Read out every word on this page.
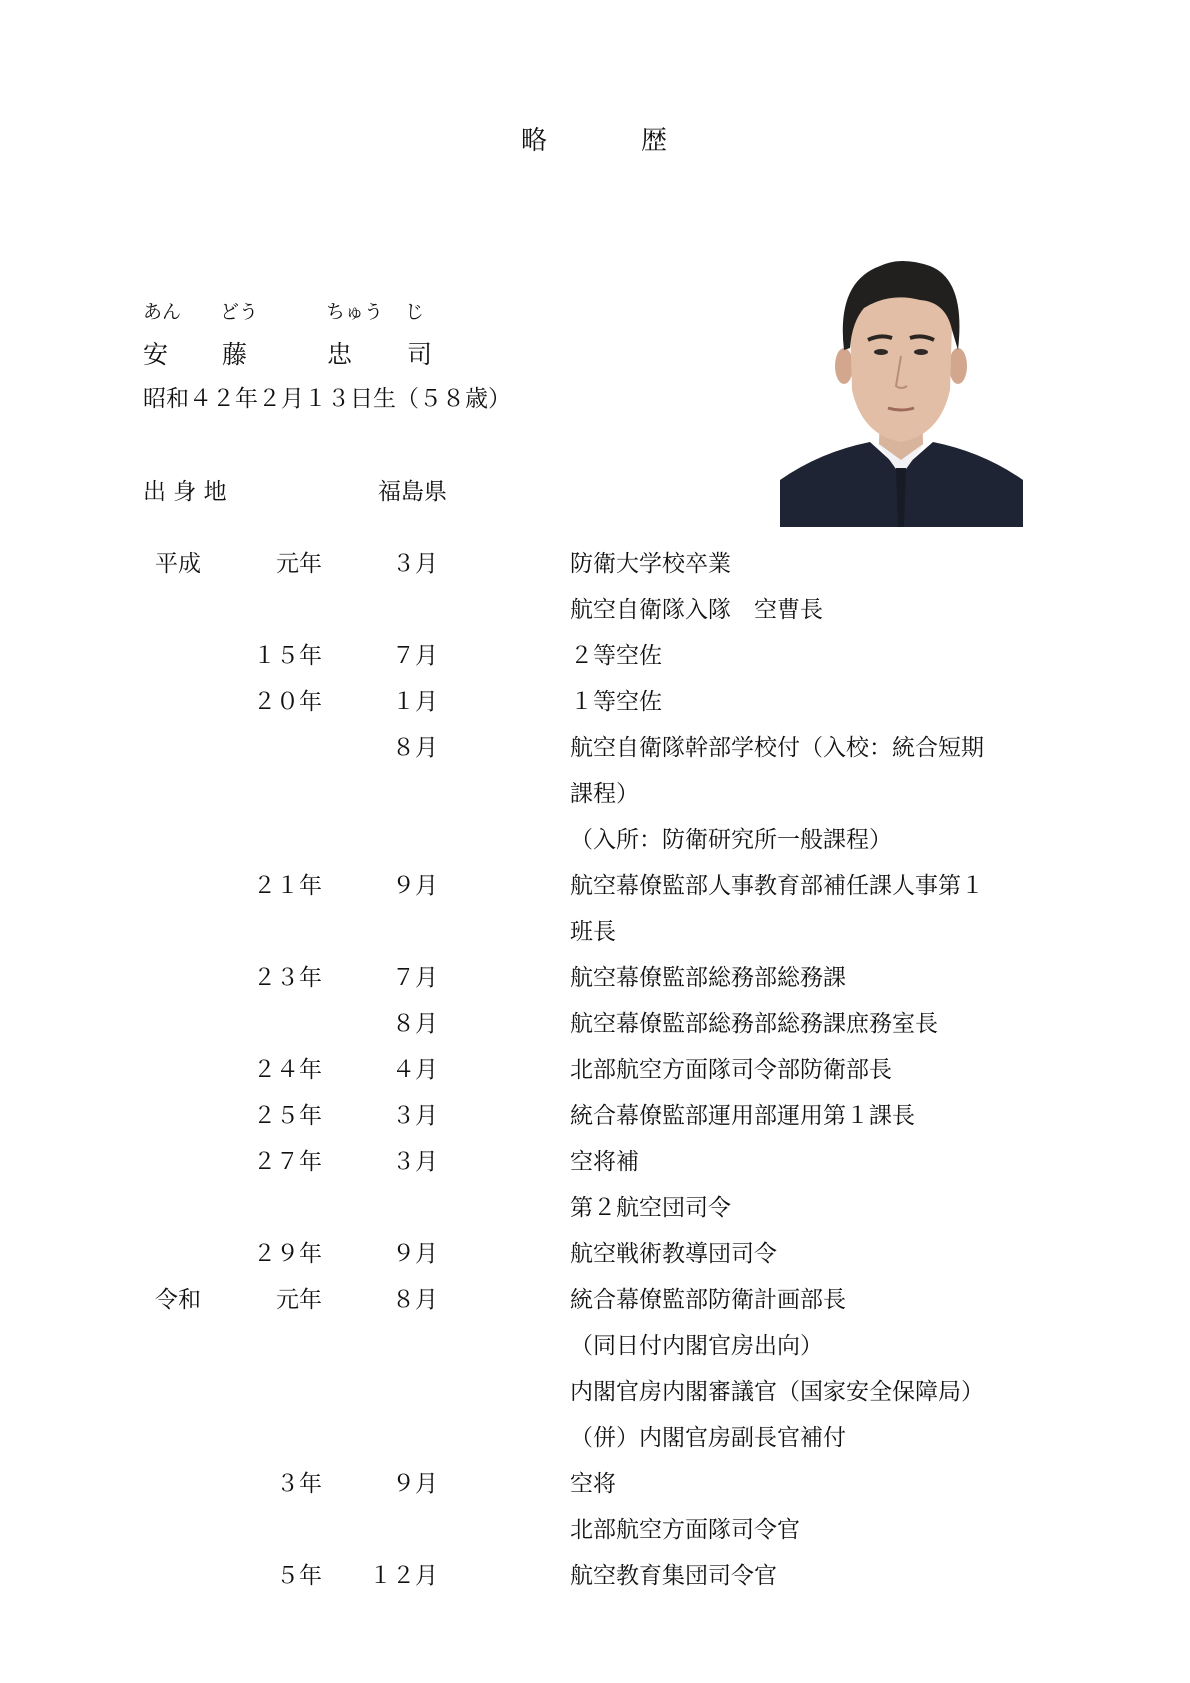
略	歴
あん どう	ちゅう じ
安 藤	忠 司
昭和４２年２月１３日生（５８歳）
出 身 地	福島県
平成	元年	３月	防衛大学校卒業
航空自衛隊入隊　空曹長
１５年	７月	２等空佐
２０年	１月	１等空佐
８月	航空自衛隊幹部学校付（入校：統合短期
課程）
（入所：防衛研究所一般課程）
２１年	９月	航空幕僚監部人事教育部補任課人事第１
班長
２３年	７月	航空幕僚監部総務部総務課
８月	航空幕僚監部総務部総務課庶務室長
２４年	４月	北部航空方面隊司令部防衛部長
２５年	３月	統合幕僚監部運用部運用第１課長
２７年	３月	空将補
第２航空団司令
２９年	９月	航空戦術教導団司令
令和	元年	８月	統合幕僚監部防衛計画部長
（同日付内閣官房出向）
内閣官房内閣審議官（国家安全保障局）
（併）内閣官房副長官補付
３年	９月	空将
北部航空方面隊司令官
５年 １２月	航空教育集団司令官
